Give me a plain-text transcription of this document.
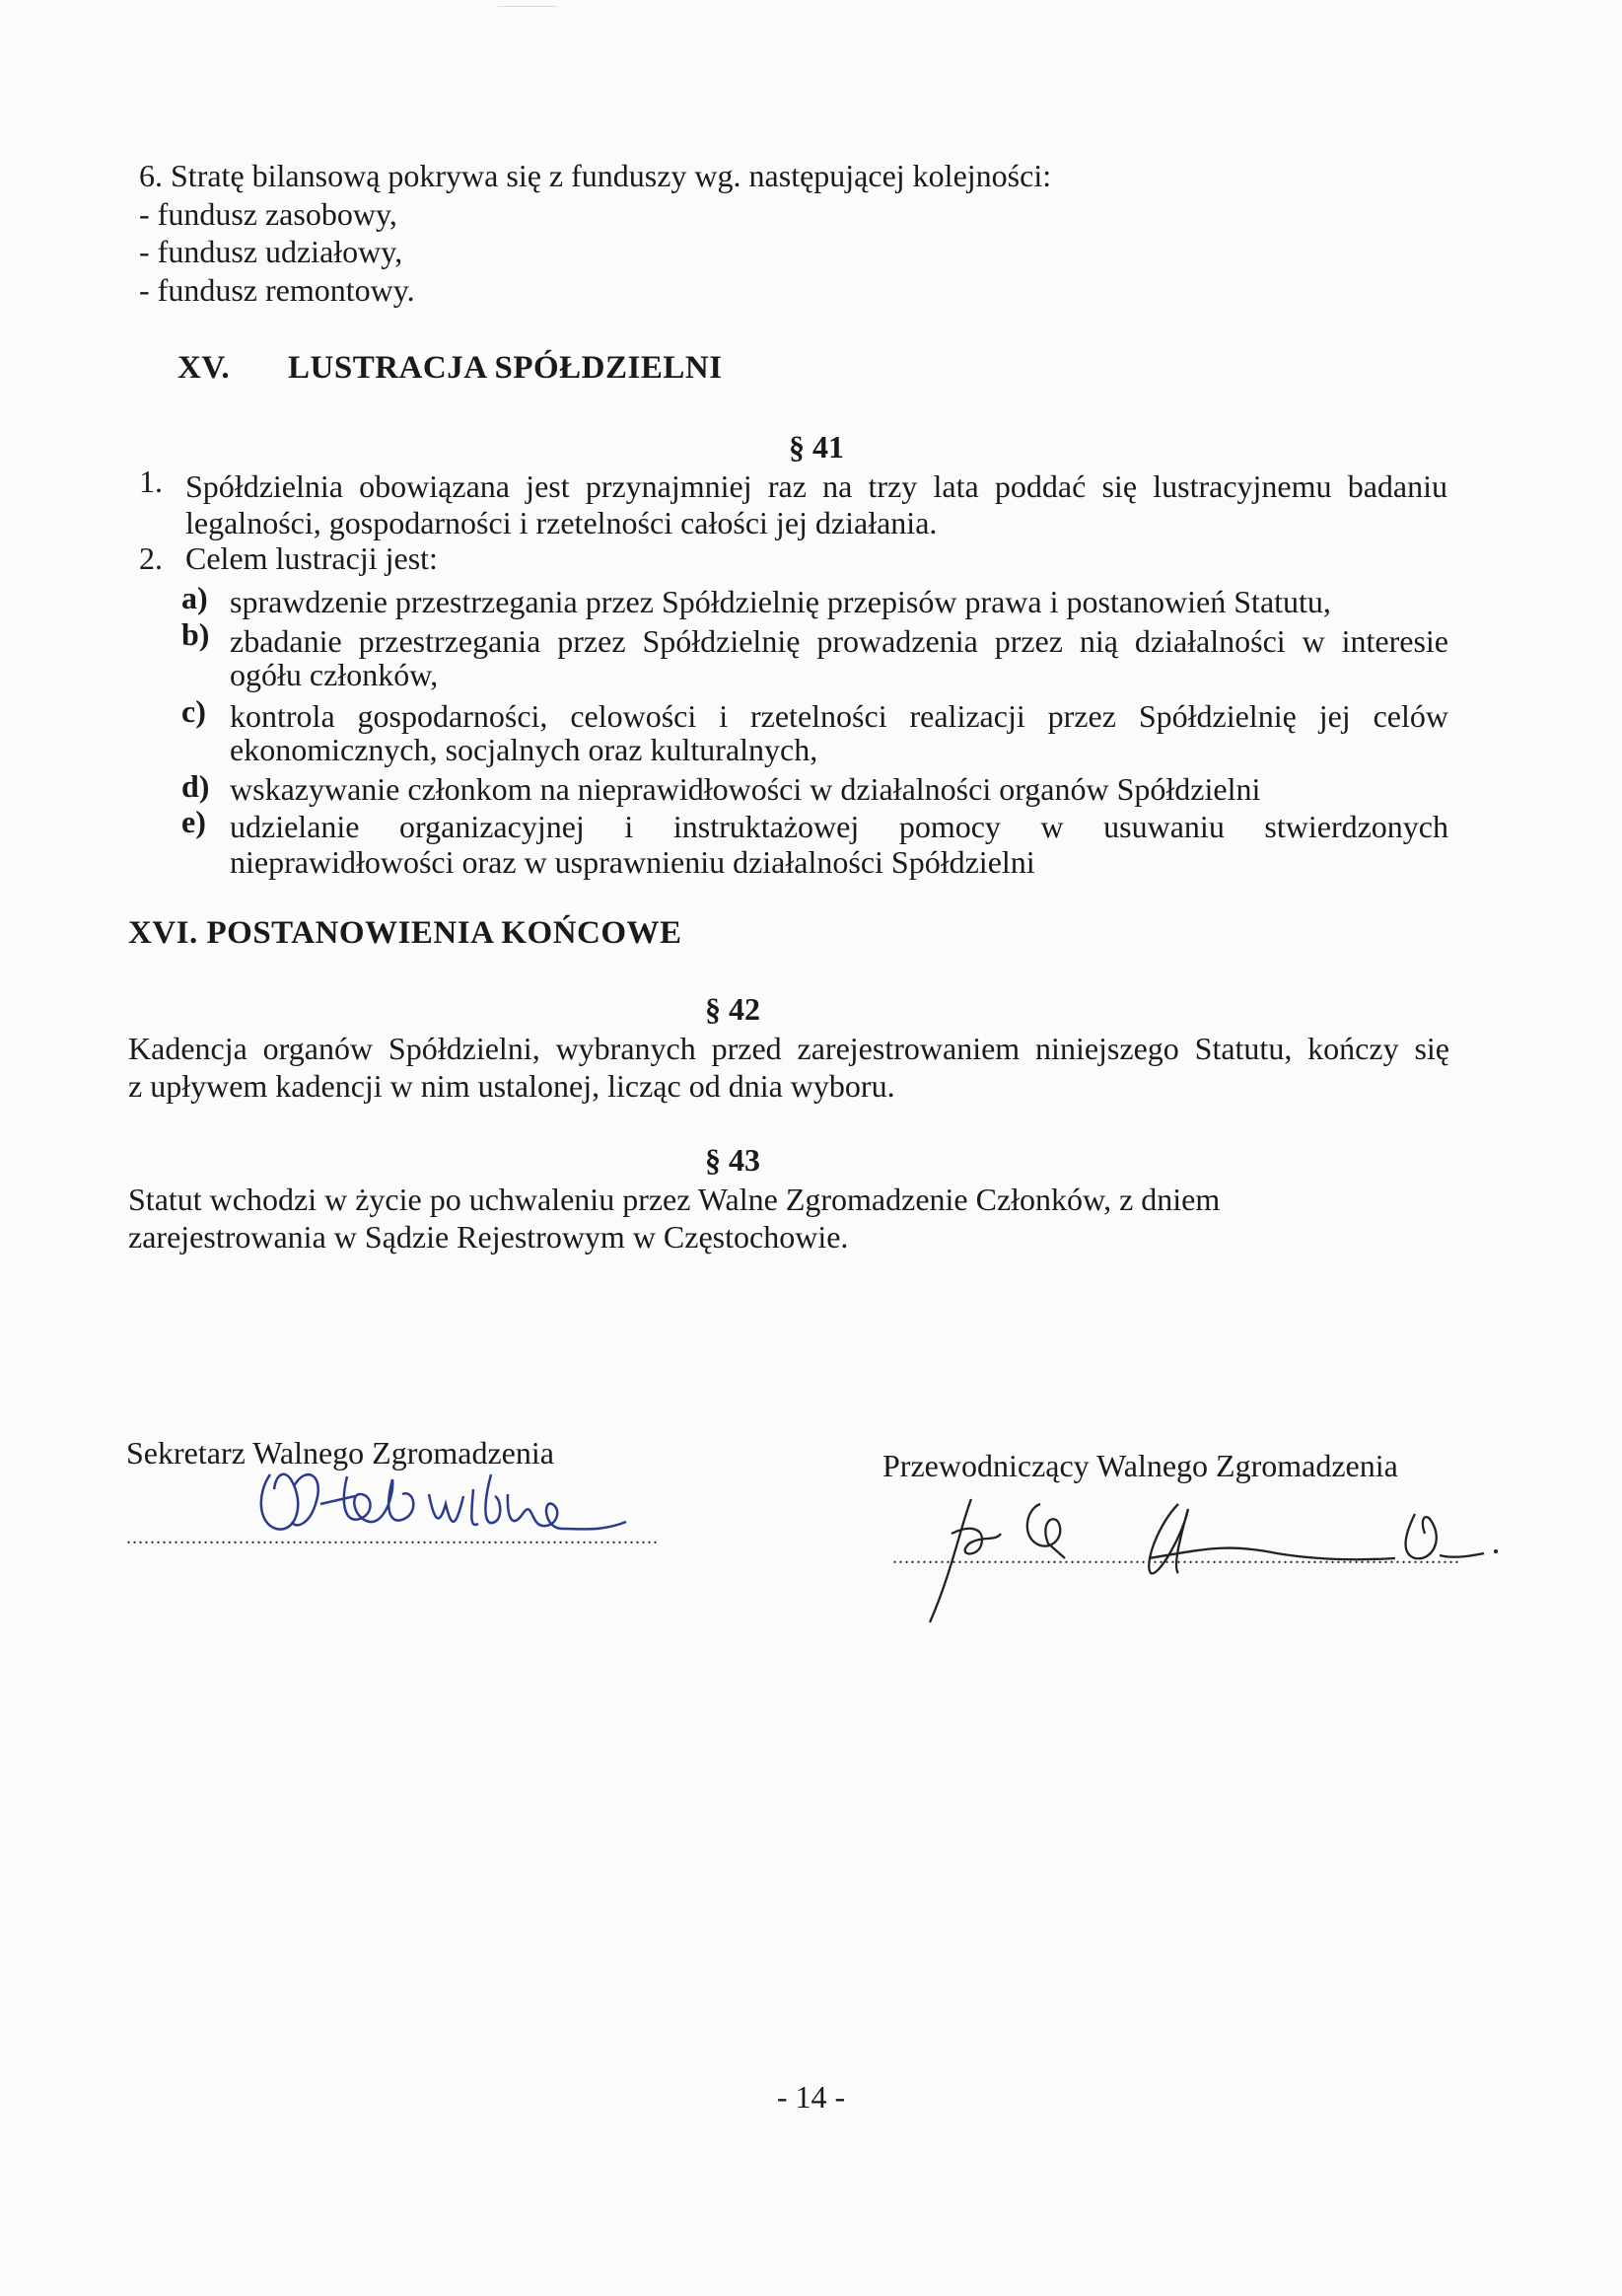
6. Stratę bilansową pokrywa się z funduszy wg. następującej kolejności:
- fundusz zasobowy,
- fundusz udziałowy,
- fundusz remontowy.
XV. LUSTRACJA SPÓŁDZIELNI
§ 41
1. Spółdzielnia obowiązana jest przynajmniej raz na trzy lata poddać się lustracyjnemu badaniu
legalności, gospodarności i rzetelności całości jej działania.
2. Celem lustracji jest:
a) sprawdzenie przestrzegania przez Spółdzielnię przepisów prawa i postanowień Statutu,
b) zbadanie przestrzegania przez Spółdzielnię prowadzenia przez nią działalności w interesie
ogółu członków,
c) kontrola gospodarności, celowości i rzetelności realizacji przez Spółdzielnię jej celów
ekonomicznych, socjalnych oraz kulturalnych,
d) wskazywanie członkom na nieprawidłowości w działalności organów Spółdzielni
e) udzielanie organizacyjnej i instruktażowej pomocy w usuwaniu stwierdzonych
nieprawidłowości oraz w usprawnieniu działalności Spółdzielni
XVI. POSTANOWIENIA KOŃCOWE
§ 42
Kadencja organów Spółdzielni, wybranych przed zarejestrowaniem niniejszego Statutu, kończy się
z upływem kadencji w nim ustalonej, licząc od dnia wyboru.
§ 43
Statut wchodzi w życie po uchwaleniu przez Walne Zgromadzenie Członków, z dniem
zarejestrowania w Sądzie Rejestrowym w Częstochowie.
Sekretarz Walnego Zgromadzenia
..........................................................................................
Przewodniczący Walnego Zgromadzenia
................................................................................................
- 14 -
